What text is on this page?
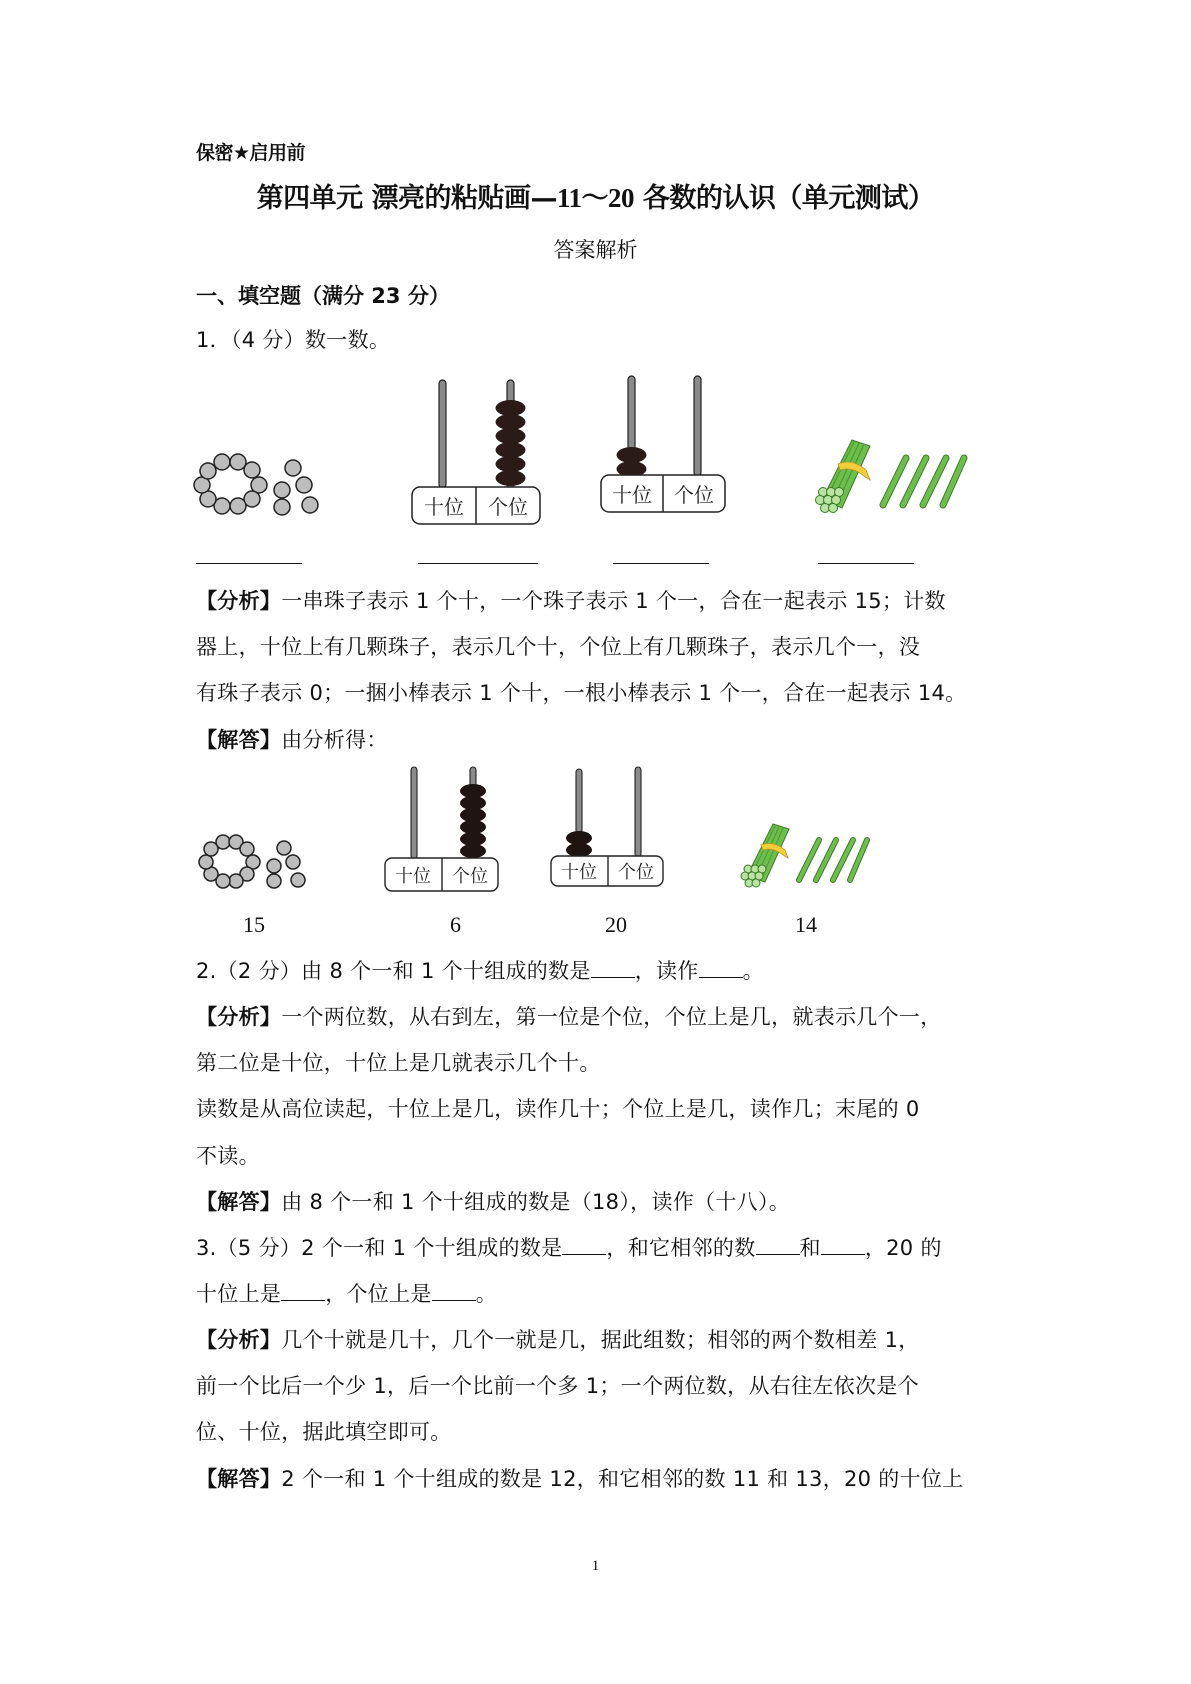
保密★启用前
第四单元 漂亮的粘贴画—11～20 各数的认识（单元测试）
答案解析
一、填空题（满分 23 分）
1．（4 分）数一数。
十位 个位	十位 个位
【分析】一串珠子表示 1 个十，一个珠子表示 1 个一，合在一起表示 15；计数
器上，十位上有几颗珠子，表示几个十，个位上有几颗珠子，表示几个一，没
有珠子表示 0；一捆小棒表示 1 个十，一根小棒表示 1 个一，合在一起表示 14。
【解答】由分析得：
十位 个位	十位 个位
15	6	20	14
2.（2 分）由 8 个一和 1 个十组成的数是 ，读作 。
【分析】一个两位数，从右到左，第一位是个位，个位上是几，就表示几个一，
第二位是十位，十位上是几就表示几个十。
读数是从高位读起，十位上是几，读作几十；个位上是几，读作几；末尾的 0
不读。
【解答】由 8 个一和 1 个十组成的数是（18），读作（十八）。
3.（5 分）2 个一和 1 个十组成的数是 ，和它相邻的数 和 ，20 的
十位上是 ，个位上是 。
【分析】几个十就是几十，几个一就是几，据此组数；相邻的两个数相差 1，
前一个比后一个少 1，后一个比前一个多 1；一个两位数，从右往左依次是个
位、十位，据此填空即可。
【解答】2 个一和 1 个十组成的数是 12，和它相邻的数 11 和 13，20 的十位上
1
